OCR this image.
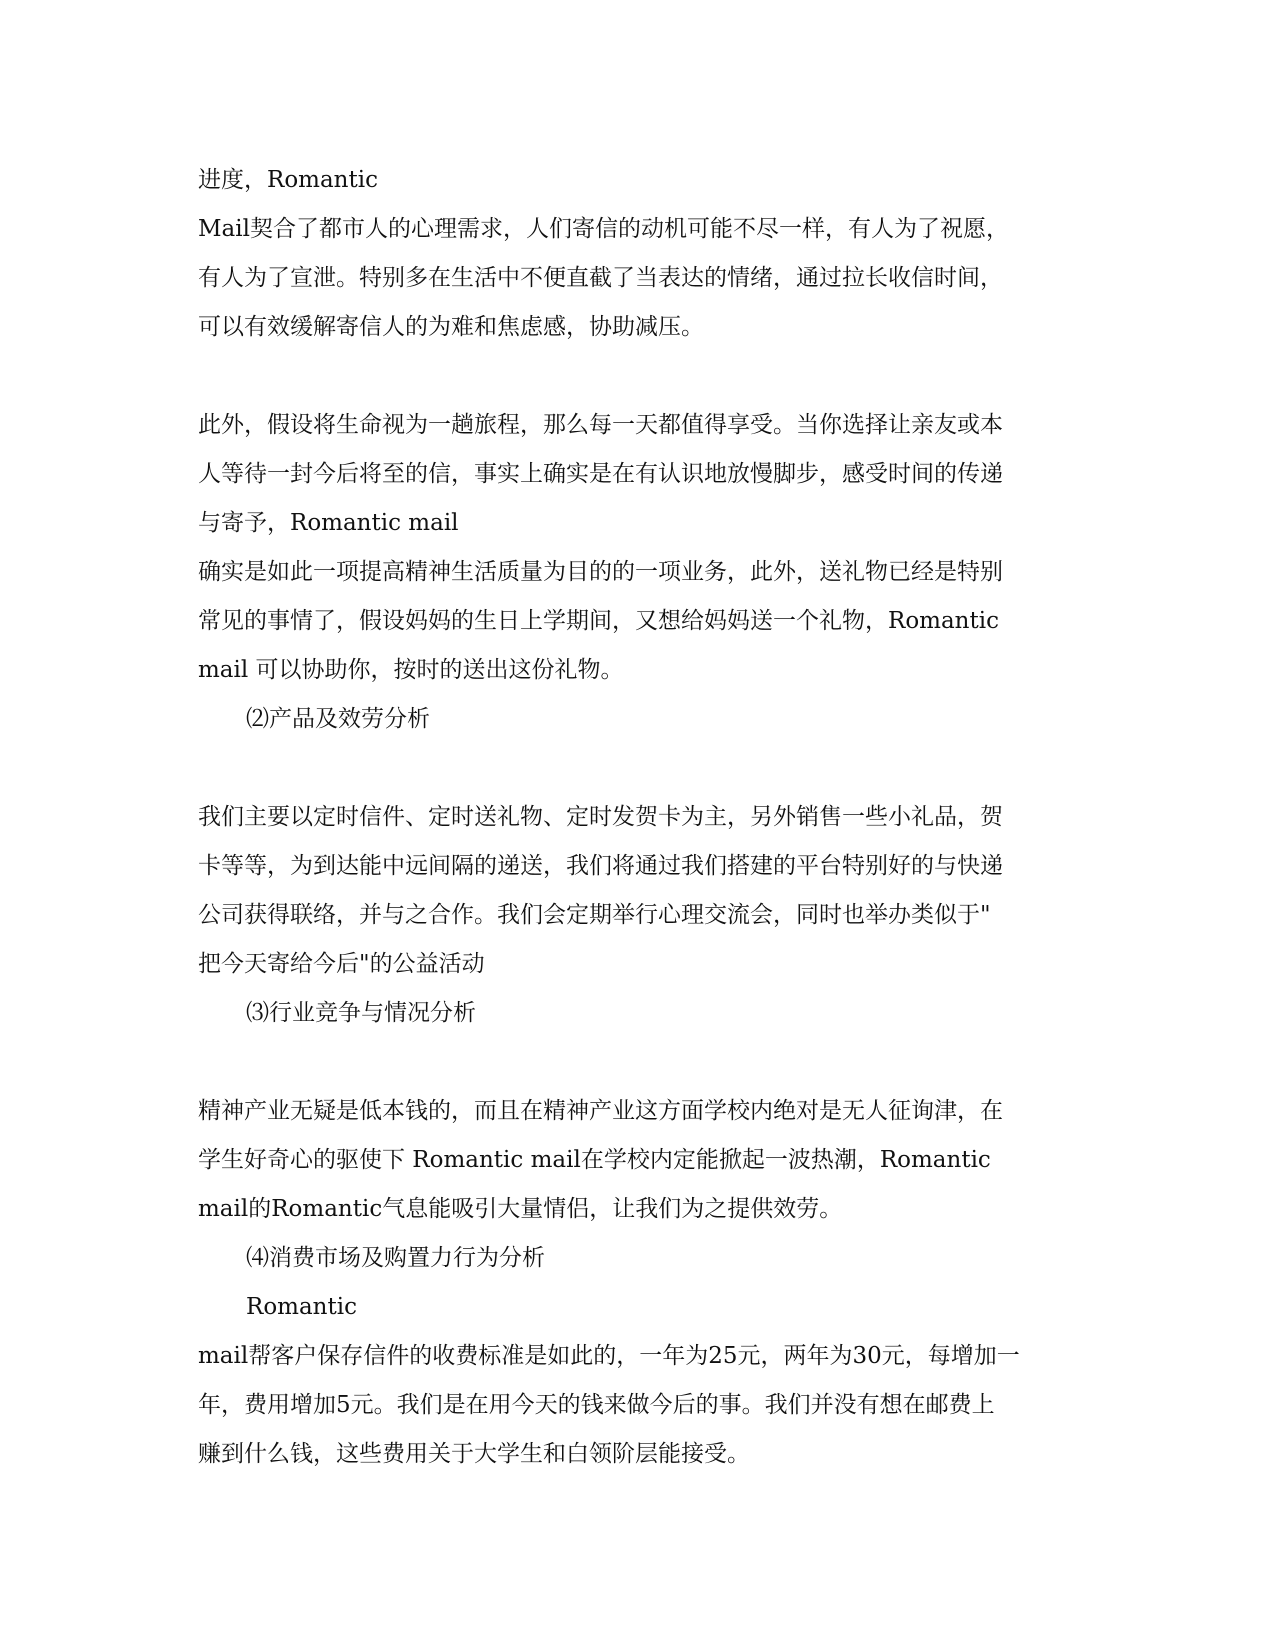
进度，Romantic
Mail契合了都市人的心理需求，人们寄信的动机可能不尽一样，有人为了祝愿，
有人为了宣泄。特别多在生活中不便直截了当表达的情绪，通过拉长收信时间，
可以有效缓解寄信人的为难和焦虑感，协助减压。
此外，假设将生命视为一趟旅程，那么每一天都值得享受。当你选择让亲友或本
人等待一封今后将至的信，事实上确实是在有认识地放慢脚步，感受时间的传递
与寄予，Romantic mail
确实是如此一项提高精神生活质量为目的的一项业务，此外，送礼物已经是特别
常见的事情了，假设妈妈的生日上学期间，又想给妈妈送一个礼物，Romantic
mail 可以协助你，按时的送出这份礼物。
⑵产品及效劳分析
我们主要以定时信件、定时送礼物、定时发贺卡为主，另外销售一些小礼品，贺
卡等等，为到达能中远间隔的递送，我们将通过我们搭建的平台特别好的与快递
公司获得联络，并与之合作。我们会定期举行心理交流会，同时也举办类似于"
把今天寄给今后"的公益活动
⑶行业竞争与情况分析
精神产业无疑是低本钱的，而且在精神产业这方面学校内绝对是无人征询津，在
学生好奇心的驱使下 Romantic mail在学校内定能掀起一波热潮，Romantic
mail的Romantic气息能吸引大量情侣，让我们为之提供效劳。
⑷消费市场及购置力行为分析
Romantic
mail帮客户保存信件的收费标准是如此的，一年为25元，两年为30元，每增加一
年，费用增加5元。我们是在用今天的钱来做今后的事。我们并没有想在邮费上
赚到什么钱，这些费用关于大学生和白领阶层能接受。
